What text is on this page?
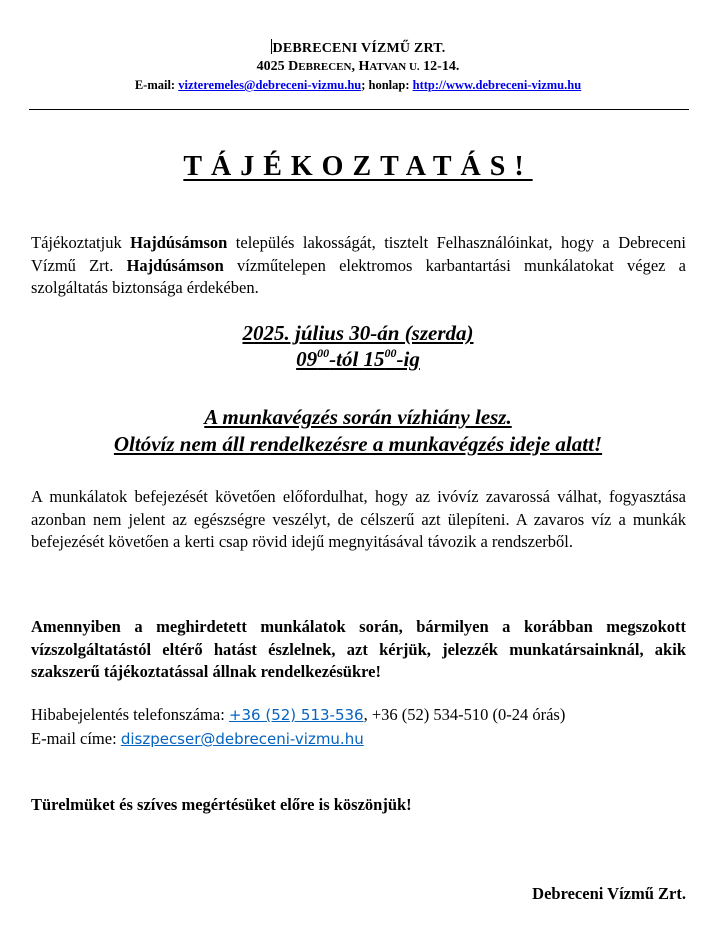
DEBRECENI VÍZMŰ ZRT.
4025 DEBRECEN, HATVAN U. 12-14.
E-mail: vizteremeles@debreceni-vizmu.hu; honlap: http://www.debreceni-vizmu.hu
TÁJÉKOZTATÁS!
Tájékoztatjuk Hajdúsámson település lakosságát, tisztelt Felhasználóinkat, hogy a Debreceni Vízmű Zrt. Hajdúsámson vízműtelepen elektromos karbantartási munkálatokat végez a szolgáltatás biztonsága érdekében.
2025. július 30-án (szerda)
$09^{00}$-tól $15^{00}-ig$
A munkavégzés során vízhiány lesz.
Oltóvíz nem áll rendelkezésre a munkavégzés ideje alatt!
A munkálatok befejezését követően előfordulhat, hogy az ivóvíz zavarossá válhat, fogyasztása azonban nem jelent az egészségre veszélyt, de célszerű azt ülepíteni. A zavaros víz a munkák befejezését követően a kerti csap rövid idejű megnyitásával távozik a rendszerből.
Amennyiben a meghirdetett munkálatok során, bármilyen a korábban megszokott vízszolgáltatástól eltérő hatást észlelnek, azt kérjük, jelezzék munkatársainknál, akik szakszerű tájékoztatással állnak rendelkezésükre!
Hibabejelentés telefonszáma: +36 (52) 513-536, +36 (52) 534-510 (0-24 órás)
E-mail címe: diszpecser@debreceni-vizmu.hu
Türelmüket és szíves megértésüket előre is köszönjük!
Debreceni Vízmű Zrt.
